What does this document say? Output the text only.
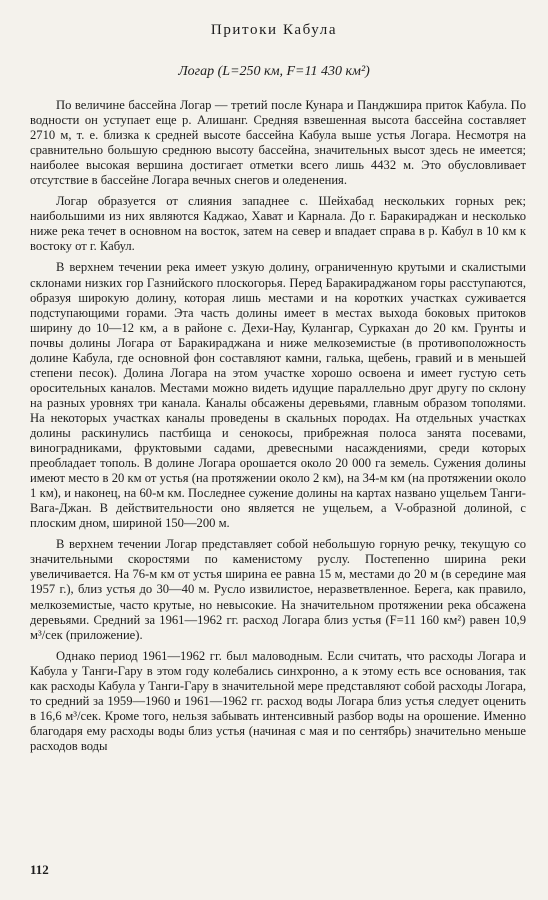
Притоки Кабула
Логар (L=250 км, F=11 430 км²)

По величине бассейна Логар — третий после Кунара и Панджшира приток Кабула. По водности он уступает еще р. Алишанг. Средняя взвешенная высота бассейна составляет 2710 м, т. е. близка к средней высоте бассейна Кабула выше устья Логара. Несмотря на сравнительно большую среднюю высоту бассейна, значительных высот здесь не имеется; наиболее высокая вершина достигает отметки всего лишь 4432 м. Это обусловливает отсутствие в бассейне Логара вечных снегов и оледенения.

Логар образуется от слияния западнее с. Шейхабад нескольких горных рек; наибольшими из них являются Каджао, Хават и Карнала. До г. Баракираджан и несколько ниже река течет в основном на восток, затем на север и впадает справа в р. Кабул в 10 км к востоку от г. Кабул.

В верхнем течении река имеет узкую долину, ограниченную крутыми и скалистыми склонами низких гор Газнийского плоскогорья. Перед Баракираджаном горы расступаются, образуя широкую долину, которая лишь местами и на коротких участках суживается подступающими горами. Эта часть долины имеет в местах выхода боковых притоков ширину до 10—12 км, а в районе с. Дехи-Нау, Кулангар, Суркахан до 20 км. Грунты и почвы долины Логара от Баракираджана и ниже мелкоземистые (в противоположность долине Кабула, где основной фон составляют камни, галька, щебень, гравий и в меньшей степени песок). Долина Логара на этом участке хорошо освоена и имеет густую сеть оросительных каналов. Местами можно видеть идущие параллельно друг другу по склону на разных уровнях три канала. Каналы обсажены деревьями, главным образом тополями. На некоторых участках каналы проведены в скальных породах. На отдельных участках долины раскинулись пастбища и сенокосы, прибрежная полоса занята посевами, виноградниками, фруктовыми садами, древесными насаждениями, среди которых преобладает тополь. В долине Логара орошается около 20 000 га земель. Сужения долины имеют место в 20 км от устья (на протяжении около 2 км), на 34-м км (на протяжении около 1 км), и наконец, на 60-м км. Последнее сужение долины на картах названо ущельем Танги-Вага-Джан. В действительности оно является не ущельем, а V-образной долиной, с плоским дном, шириной 150—200 м.

В верхнем течении Логар представляет собой небольшую горную речку, текущую со значительными скоростями по каменистому руслу. Постепенно ширина реки увеличивается. На 76-м км от устья ширина ее равна 15 м, местами до 20 м (в середине мая 1957 г.), близ устья до 30—40 м. Русло извилистое, неразветвленное. Берега, как правило, мелкоземистые, часто крутые, но невысокие. На значительном протяжении река обсажена деревьями. Средний за 1961—1962 гг. расход Логара близ устья (F=11 160 км²) равен 10,9 м³/сек (приложение).

Однако период 1961—1962 гг. был маловодным. Если считать, что расходы Логара и Кабула у Танги-Гару в этом году колебались синхронно, а к этому есть все основания, так как расходы Кабула у Танги-Гару в значительной мере представляют собой расходы Логара, то средний за 1959—1960 и 1961—1962 гг. расход воды Логара близ устья следует оценить в 16,6 м³/сек. Кроме того, нельзя забывать интенсивный разбор воды на орошение. Именно благодаря ему расходы воды близ устья (начиная с мая и по сентябрь) значительно меньше расходов воды

112
